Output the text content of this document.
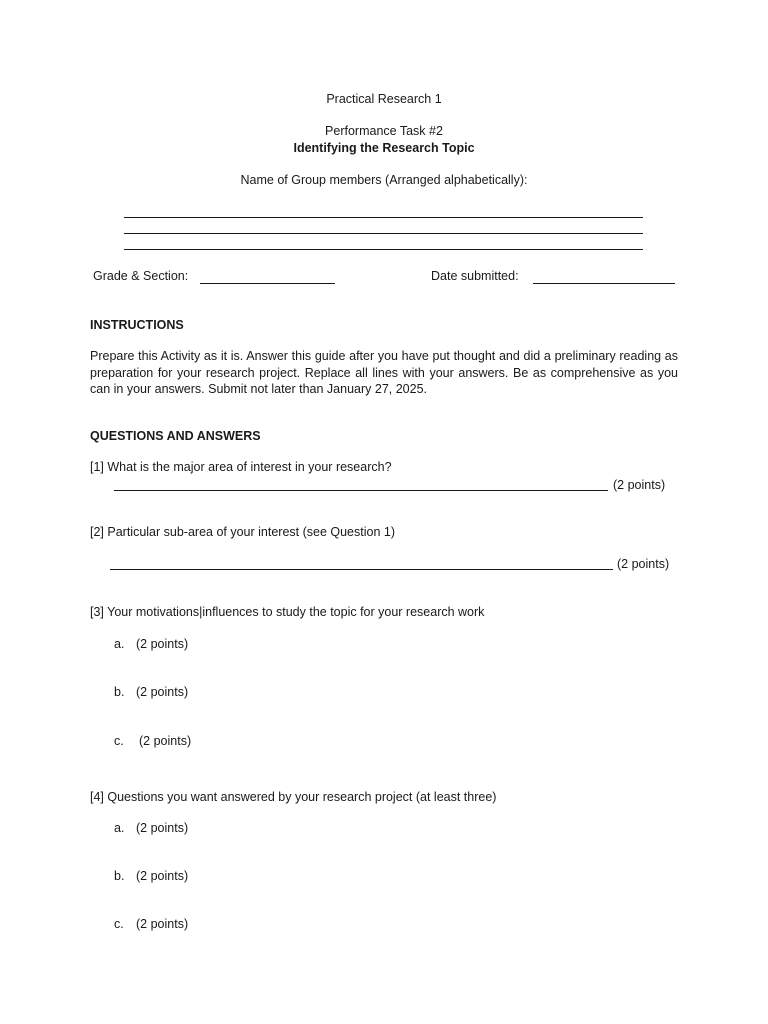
Practical Research 1
Performance Task #2
Identifying the Research Topic
Name of Group members (Arranged alphabetically):
Grade & Section:	Date submitted:
INSTRUCTIONS
Prepare this Activity as it is. Answer this guide after you have put thought and did a preliminary reading as preparation for your research project. Replace all lines with your answers. Be as comprehensive as you can in your answers. Submit not later than January 27, 2025.
QUESTIONS AND ANSWERS
[1] What is the major area of interest in your research?
(2 points)
[2] Particular sub-area of your interest (see Question 1)
(2 points)
[3] Your motivations|influences to study the topic for your research work
a. (2 points)
b. (2 points)
c. (2 points)
[4] Questions you want answered by your research project (at least three)
a. (2 points)
b. (2 points)
c. (2 points)
